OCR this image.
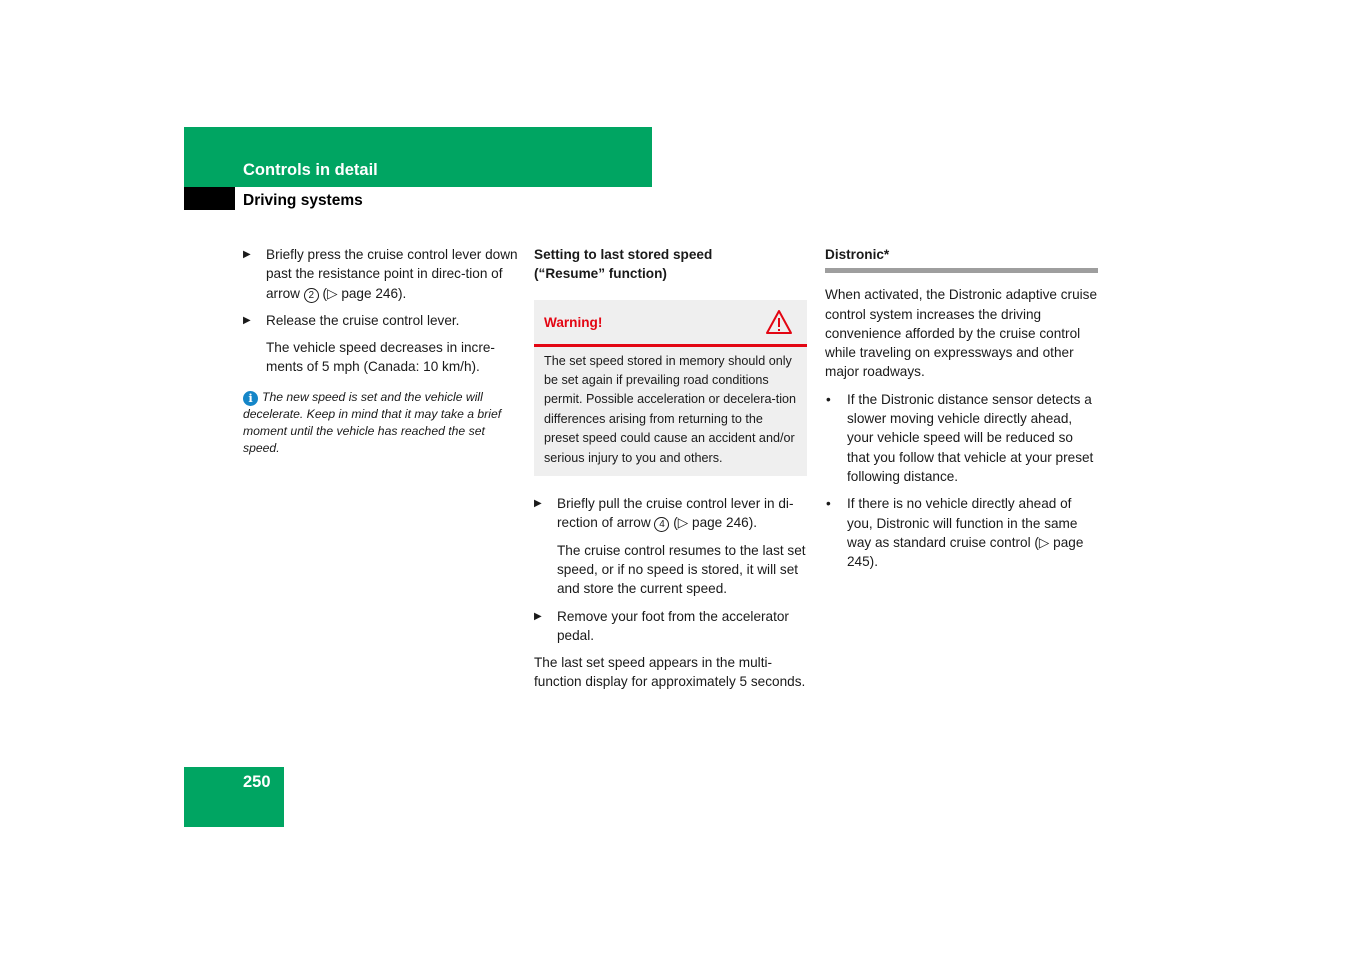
Controls in detail
Driving systems

▶ Briefly press the cruise control lever down past the resistance point in direc-tion of arrow 2 (▷ page 246).

▶ Release the cruise control lever.

The vehicle speed decreases in incre-ments of 5 mph (Canada: 10 km/h).

i The new speed is set and the vehicle will decelerate. Keep in mind that it may take a brief moment until the vehicle has reached the set speed.

Setting to last stored speed
(“Resume” function)

Warning!
The set speed stored in memory should only be set again if prevailing road conditions permit. Possible acceleration or decelera-tion differences arising from returning to the preset speed could cause an accident and/or serious injury to you and others.

▶ Briefly pull the cruise control lever in di-rection of arrow 4 (▷ page 246).

The cruise control resumes to the last set speed, or if no speed is stored, it will set and store the current speed.

▶ Remove your foot from the accelerator pedal.

The last set speed appears in the multi-function display for approximately 5 seconds.

Distronic*

When activated, the Distronic adaptive cruise control system increases the driving convenience afforded by the cruise control while traveling on expressways and other major roadways.

• If the Distronic distance sensor detects a slower moving vehicle directly ahead, your vehicle speed will be reduced so that you follow that vehicle at your preset following distance.

• If there is no vehicle directly ahead of you, Distronic will function in the same way as standard cruise control (▷ page 245).

250
